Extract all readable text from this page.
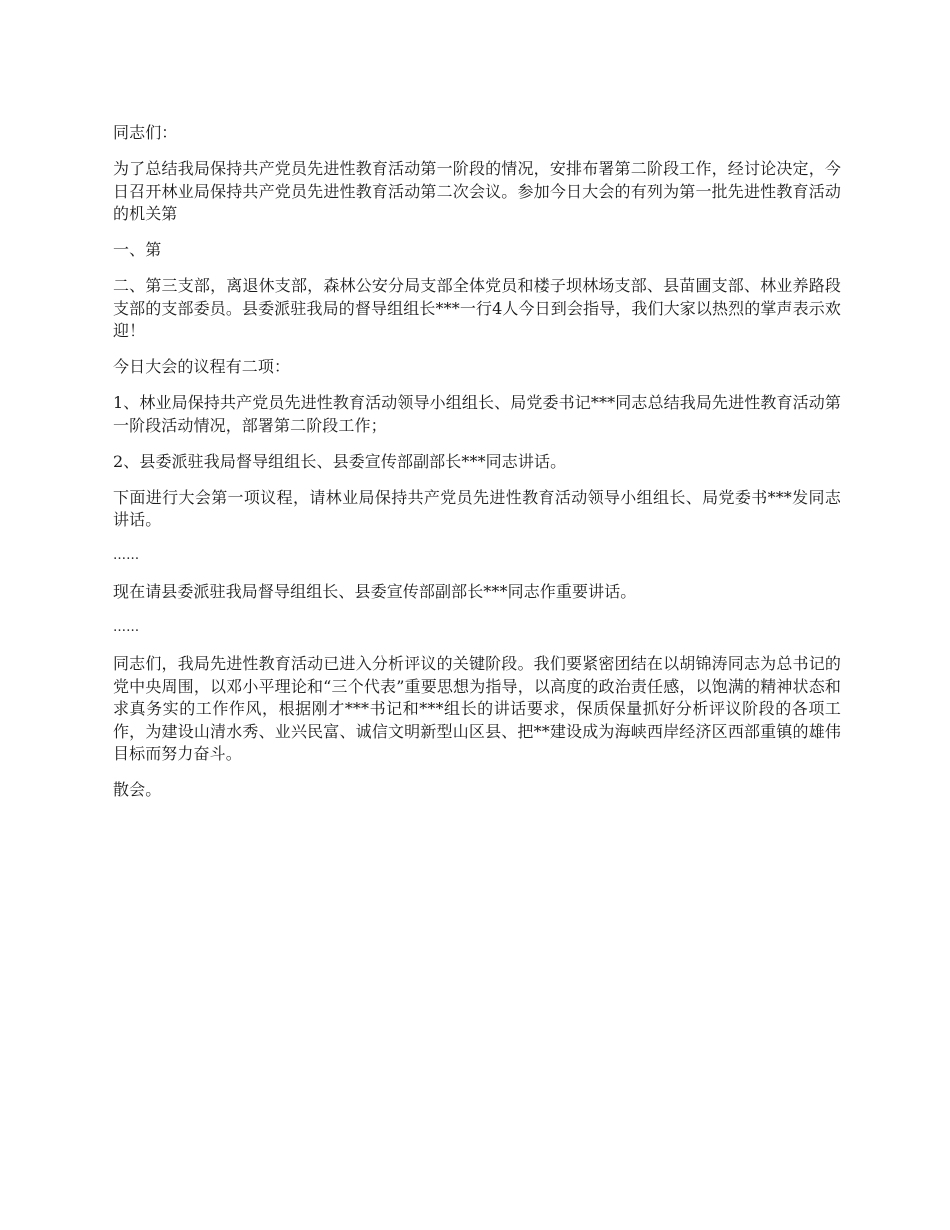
同志们：

为了总结我局保持共产党员先进性教育活动第一阶段的情况，安排布署第二阶段工作，经讨论决定，今日召开林业局保持共产党员先进性教育活动第二次会议。参加今日大会的有列为第一批先进性教育活动的机关第

一、第

二、第三支部，离退休支部，森林公安分局支部全体党员和楼子坝林场支部、县苗圃支部、林业养路段支部的支部委员。县委派驻我局的督导组组长***一行4人今日到会指导，我们大家以热烈的掌声表示欢迎！

今日大会的议程有二项：

1、林业局保持共产党员先进性教育活动领导小组组长、局党委书记***同志总结我局先进性教育活动第一阶段活动情况，部署第二阶段工作；

2、县委派驻我局督导组组长、县委宣传部副部长***同志讲话。

下面进行大会第一项议程，请林业局保持共产党员先进性教育活动领导小组组长、局党委书***发同志讲话。

……

现在请县委派驻我局督导组组长、县委宣传部副部长***同志作重要讲话。

……

同志们，我局先进性教育活动已进入分析评议的关键阶段。我们要紧密团结在以胡锦涛同志为总书记的党中央周围，以邓小平理论和“三个代表”重要思想为指导，以高度的政治责任感，以饱满的精神状态和求真务实的工作作风，根据刚才***书记和***组长的讲话要求，保质保量抓好分析评议阶段的各项工作，为建设山清水秀、业兴民富、诚信文明新型山区县、把**建设成为海峡西岸经济区西部重镇的雄伟目标而努力奋斗。

散会。
